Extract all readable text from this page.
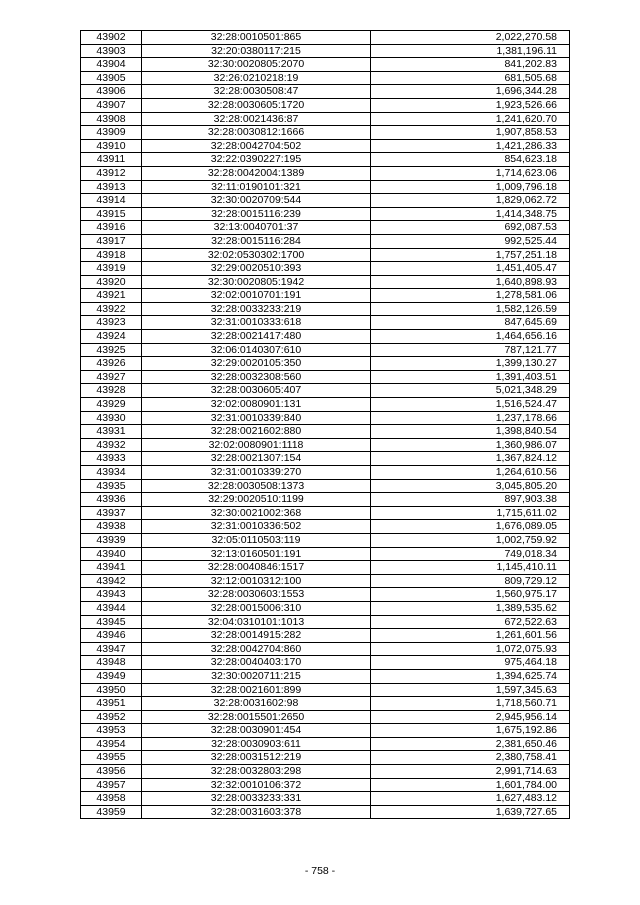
43902	32:28:0010501:865	2,022,270.58
43903	32:20:0380117:215	1,381,196.11
43904	32:30:0020805:2070	841,202.83
43905	32:26:0210218:19	681,505.68
43906	32:28:0030508:47	1,696,344.28
43907	32:28:0030605:1720	1,923,526.66
43908	32:28:0021436:87	1,241,620.70
43909	32:28:0030812:1666	1,907,858.53
43910	32:28:0042704:502	1,421,286.33
43911	32:22:0390227:195	854,623.18
43912	32:28:0042004:1389	1,714,623.06
43913	32:11:0190101:321	1,009,796.18
43914	32:30:0020709:544	1,829,062.72
43915	32:28:0015116:239	1,414,348.75
43916	32:13:0040701:37	692,087.53
43917	32:28:0015116:284	992,525.44
43918	32:02:0530302:1700	1,757,251.18
43919	32:29:0020510:393	1,451,405.47
43920	32:30:0020805:1942	1,640,898.93
43921	32:02:0010701:191	1,278,581.06
43922	32:28:0033233:219	1,582,126.59
43923	32:31:0010333:618	847,645.69
43924	32:28:0021417:480	1,464,656.16
43925	32:06:0140307:610	787,121.77
43926	32:29:0020105:350	1,399,130.27
43927	32:28:0032308:560	1,391,403.51
43928	32:28:0030605:407	5,021,348.29
43929	32:02:0080901:131	1,516,524.47
43930	32:31:0010339:840	1,237,178.66
43931	32:28:0021602:880	1,398,840.54
43932	32:02:0080901:1118	1,360,986.07
43933	32:28:0021307:154	1,367,824.12
43934	32:31:0010339:270	1,264,610.56
43935	32:28:0030508:1373	3,045,805.20
43936	32:29:0020510:1199	897,903.38
43937	32:30:0021002:368	1,715,611.02
43938	32:31:0010336:502	1,676,089.05
43939	32:05:0110503:119	1,002,759.92
43940	32:13:0160501:191	749,018.34
43941	32:28:0040846:1517	1,145,410.11
43942	32:12:0010312:100	809,729.12
43943	32:28:0030603:1553	1,560,975.17
43944	32:28:0015006:310	1,389,535.62
43945	32:04:0310101:1013	672,522.63
43946	32:28:0014915:282	1,261,601.56
43947	32:28:0042704:860	1,072,075.93
43948	32:28:0040403:170	975,464.18
43949	32:30:0020711:215	1,394,625.74
43950	32:28:0021601:899	1,597,345.63
43951	32:28:0031602:98	1,718,560.71
43952	32:28:0015501:2650	2,945,956.14
43953	32:28:0030901:454	1,675,192.86
43954	32:28:0030903:611	2,381,650.46
43955	32:28:0031512:219	2,380,758.41
43956	32:28:0032803:298	2,991,714.63
43957	32:32:0010106:372	1,601,784.00
43958	32:28:0033233:331	1,627,483.12
43959	32:28:0031603:378	1,639,727.65
- 758 -
